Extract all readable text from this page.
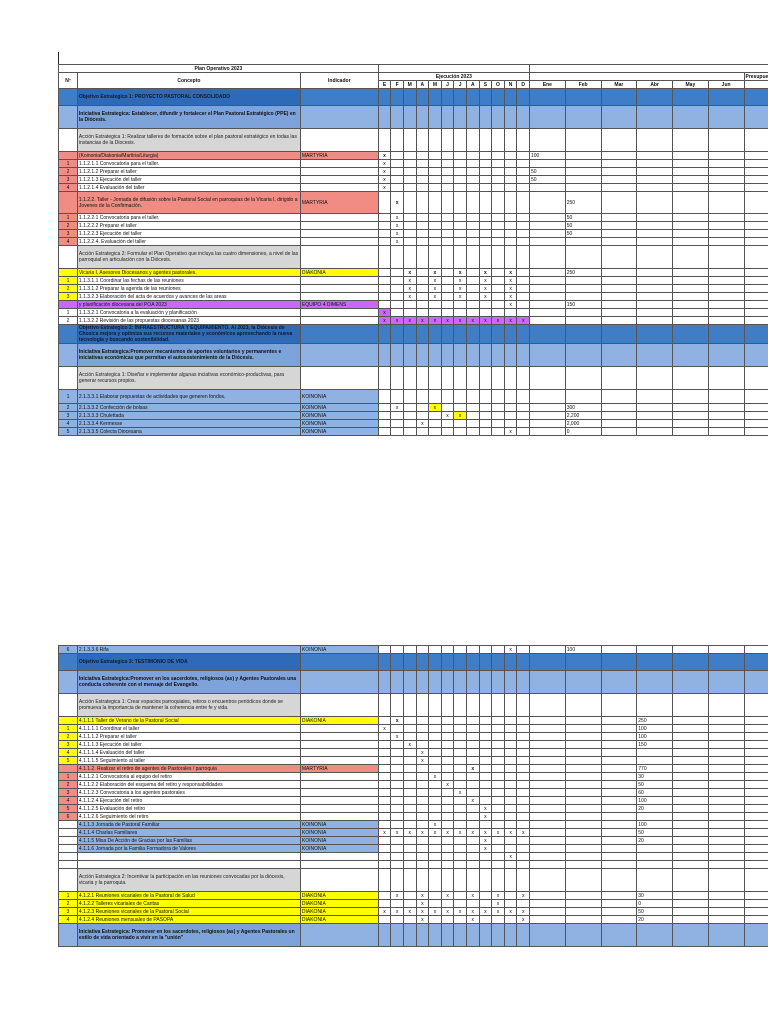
Plan Operativo 2023																					
Nº	Concepto	Indicador	Ejecución 2023																		Presupue
			E	F	M	A	M	J	J	A	S	O	N	D	Ene	Feb	Mar	Abr	May	Jun	
	Objetivo Estrategico 1: PROYECTO PASTORAL CONSOLIDADO																				
	Iniciativa Estrategica: Establecer, difundir y fortalecer el Plan Pastoral Estratégico (PPE) en la Diócesis.																				
	Acción Estrategica 1: Realizar talleres de formación sobre el plan pastoral estratégico en todas las instancias de la Diocesis.																				
	(Koinonia/Diakonia/Martiria/Liturgia)	MARTYRIA	x												100						
1	1.1.2.1.1 Convocatoria para el taller.		x																		
2	1.1.2.1.2 Preparar el taller		x												50						
3	1.1.2.1.3 Ejecución del taller		x												50						
4	1.1.2.1.4 Evaluación del taller		x																		
	1.1.2.2. Taller - Jornada de difusión sobre la Pastoral Social en parroquias de la Vicaria I, dirigido a Jovenes de la Confirmación.	MARTYRIA		x												250					
1	1.1.2.2.1 Convocatoria para el taller.			x												50					
2	1.1.2.2.2 Preparar el taller			x												50					
3	1.1.2.2.3 Ejecución del taller			x												50					
4	1.1.2.2.4. Evaluación del taller			x																	
	Acción Estrategica 2: Formular el Plan Operativo que incluya las cuatro dimensiones, a nivel de las parroquial en articulación con la Diócesis.																				
	Vicaria I, Asesores Diocesanos y agentes pastorales.	DIAKONIA			x		x		x		x		x			250					
1	1.1.3.1.1 Coordinar las fechas de las reuniones				x		x		x		x		x								
2	1.1.3.1.2 Preparar la agenda de las reuniones				x		x		x		x		x								
3	1.1.3.2.3 Elaboración del acta de acuerdos y avances de las areas				x		x		x		x		x								
	y planificación diocesana del POA 2023	EQUIPO 4 DIMENS											x			150					
1	1.1.3.2.1 Convocatoria a la evaluación y planificación		x																		
2	1.1.3.2.2 Revisión de las propuestas diocesanas 2023		x	x	x	x	x	x	x	x	x	x	x	x							
	Objetivo Estrategico 2: INFRAESTRUCTURA Y EQUIPAMIENTO. Al 2023, la Diócesis de Chosica mejora y optimiza sus recursos materiales y económicos aprovechando la nueva tecnología y buscando sostenibilidad.																				
	Iniciativa Estrategica:Promover mecanismos de aportes voluntarios y permanentes e iniciativas económicas que permitan el autosostenimiento de la Diócesis.																				
	Acción Estrategica 1: Diseñar e implementar algunas inciativas económico-productivas, para generar recursos propios.																				
1	2.1.3.3.1 Elaborar propuestas de actividades que generen fondos.	KOINONIA																			
2	2.1.3.3.2 Confección de bolsas	KOINONIA		x			x									300					
3	2.1.3.3.3 Chulettada	KOINONIA						x	x							2,200					
4	2.1.3.3.4 Kermesse	KOINONIA				x										2,000					
5	2.1.3.3.5 Colecta Diocesana	KOINONIA											x			0					
6	2.1.3.3.6 Rifa	KOINONIA											x			100					
	Objetivo Estrategico 3: TESTIMONIO DE VIDA																				
	Iniciativa Estrategica:Promover en los sacerdotes, religiosos (as) y Agentes Pastorales una conducta coherente con el mensaje del Evangelio.																				
	Acción Estrategica 1: Crear espacios parroquiales, retiros o encuentros periódicos donde se promueva la importancia de mantener la coherencia entre fe y vida.																				
	4.1.1.1 Taller de Verano de la Pastoral Social	DIAKONIA		x														250			
1	4.1.1.1.1 Coordinar el taller		x															100			
2	4.1.1.1.2 Preparar el taller			x														100			
3	4.1.1.1.3 Ejecución del taller				x													150			
4	4.1.1.1.4 Evaluación del taller					x															
5	4.1.1.1.5 Seguimiento al taller					x															
	4.1.1.2. Realizar el retiro de agentes de Pastorales / parroquia	MARTYRIA								x								770			
1	4.1.1.2.1 Convocatoria al equipo del retiro						x											30			
2	4.1.1.2.2 Elaboración del esquema del retiro y responsabilidades							x										50			
3	4.1.1.2.3 Convocatoria a los agentes pastorales								x									60			
4	4.1.1.2.4 Ejecución del retiro									x								100			
5	4.1.1.2.5 Evaluación del retiro										x							20			
6	4.1.1.2.6 Seguimiento del retiro										x										
	4.1.1.3 Jornada de Pastoral Familiar	KOINONIA					x											100			
	4.1.1.4 Charlas Familiares	KOINONIA	x	x	x	x	x	x	x	x	x	x	x	x				50			
	4.1.1.5 Misa De Acción de Gracias por las Familias	KOINONIA									x							20			
	4.1.1.6 Jornada por la Familia Formadora de Valores	KOINONIA									x										
													x								

	Acción Estrategica 2: Incentivar la participación en las reuniones convocadas por la diócesis, vicaria y la parroquia.																				
1	4.1.2.1 Reuniones vicariales de la Pastoral de Salud	DIAKONIA		x		x		x		x		x		x				30			
2	4.1.2.2 Talleres vicariales de Caritas	DIAKONIA				x						x						0			
3	4.1.2.3 Reuniones vicariales de la Pastoral Social	DIAKONIA	x	x	x	x	x	x	x	x	x	x	x	x				50			
4	4.1.2.4 Reuniones mensuales de PASOPA	DIAKONIA				x				x				x				20			
	Iniciativa Estrategica: Promover en los sacerdotes, religiosos (as) y Agentes Pastorales un estilo de vida orientado a vivir en la "unión"																				
